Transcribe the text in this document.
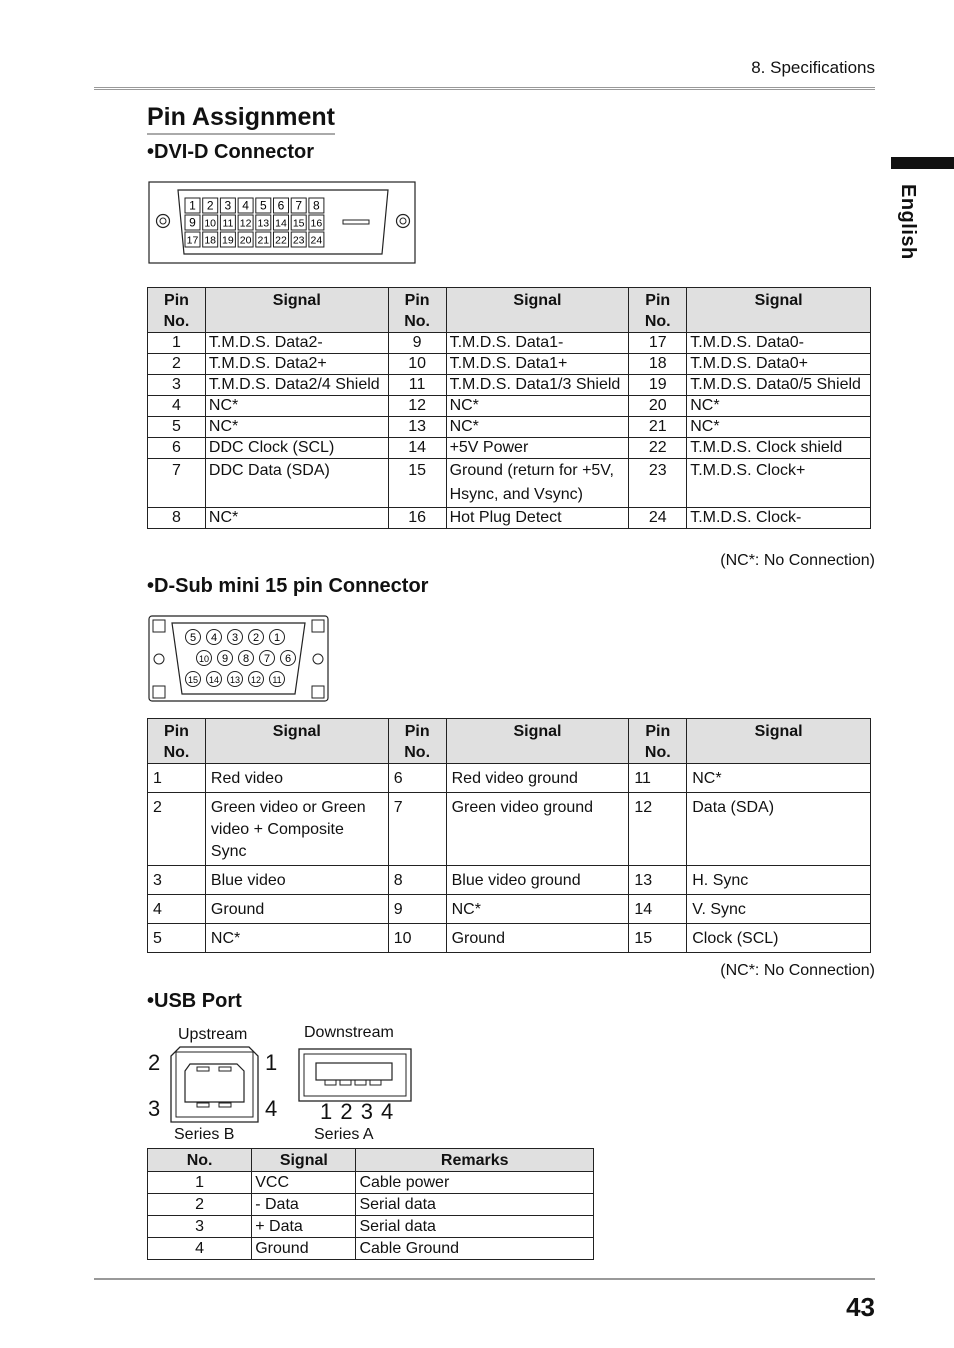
8. Specifications
English
Pin Assignment
•DVI-D Connector
1 2 3 4 5 6 7 8
9 10 11 12 13 14 15 16
17 18 19 20 21 22 23 24
Pin No.	Signal	Pin No.	Signal	Pin No.	Signal
1	T.M.D.S. Data2-	9	T.M.D.S. Data1-	17	T.M.D.S. Data0-
2	T.M.D.S. Data2+	10	T.M.D.S. Data1+	18	T.M.D.S. Data0+
3	T.M.D.S. Data2/4 Shield	11	T.M.D.S. Data1/3 Shield	19	T.M.D.S. Data0/5 Shield
4	NC*	12	NC*	20	NC*
5	NC*	13	NC*	21	NC*
6	DDC Clock (SCL)	14	+5V Power	22	T.M.D.S. Clock shield
7	DDC Data (SDA)	15	Ground (return for +5V, Hsync, and Vsync)	23	T.M.D.S. Clock+
8	NC*	16	Hot Plug Detect	24	T.M.D.S. Clock-
(NC*: No Connection)
•D-Sub mini 15 pin Connector
5 4 3 2 1
10 9 8 7 6
15 14 13 12 11
Pin No.	Signal	Pin No.	Signal	Pin No.	Signal
1	Red video	6	Red video ground	11	NC*
2	Green video or Green video + Composite Sync	7	Green video ground	12	Data (SDA)
3	Blue video	8	Blue video ground	13	H. Sync
4	Ground	9	NC*	14	V. Sync
5	NC*	10	Ground	15	Clock (SCL)
(NC*: No Connection)
•USB Port
Upstream	Downstream
2	1
3	4 1 2 3 4
Series B	Series A
No.	Signal	Remarks
1	VCC	Cable power
2	- Data	Serial data
3	+ Data	Serial data
4	Ground	Cable Ground
43
